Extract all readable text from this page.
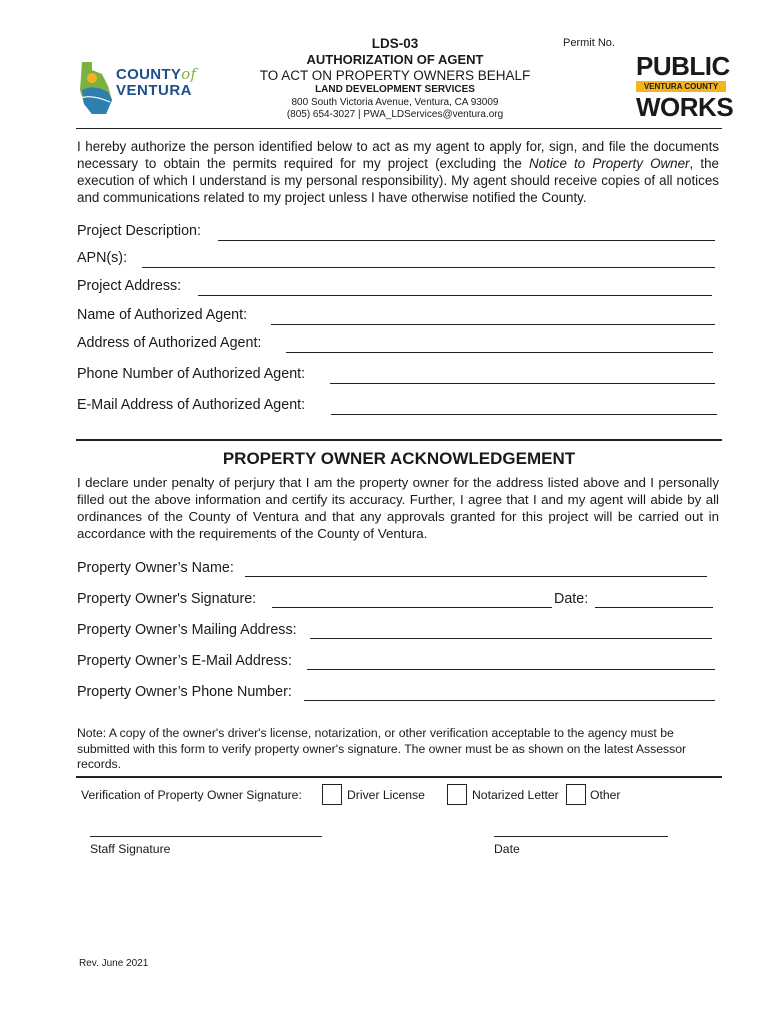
COUNTYof
VENTURA
LDS-03
AUTHORIZATION OF AGENT
TO ACT ON PROPERTY OWNERS BEHALF
LAND DEVELOPMENT SERVICES
800 South Victoria Avenue, Ventura, CA 93009
(805) 654-3027 | PWA_LDServices@ventura.org
Permit No.
PUBLIC
VENTURA COUNTY
WORKS
I hereby authorize the person identified below to act as my agent to apply for, sign, and file the documents necessary to obtain the permits required for my project (excluding the Notice to Property Owner, the execution of which I understand is my personal responsibility). My agent should receive copies of all notices and communications related to my project unless I have otherwise notified the County.
Project Description:
APN(s):
Project Address:
Name of Authorized Agent:
Address of Authorized Agent:
Phone Number of Authorized Agent:
E-Mail Address of Authorized Agent:
PROPERTY OWNER ACKNOWLEDGEMENT
I declare under penalty of perjury that I am the property owner for the address listed above and I personally filled out the above information and certify its accuracy. Further, I agree that I and my agent will abide by all ordinances of the County of Ventura and that any approvals granted for this project will be carried out in accordance with the requirements of the County of Ventura.
Property Owner’s Name:
Property Owner's Signature:	Date:
Property Owner’s Mailing Address:
Property Owner’s E-Mail Address:
Property Owner’s Phone Number:
Note: A copy of the owner's driver's license, notarization, or other verification acceptable to the agency must be submitted with this form to verify property owner's signature. The owner must be as shown on the latest Assessor records.
Verification of Property Owner Signature:	Driver License	Notarized Letter	Other
Staff Signature	Date
Rev. June 2021
